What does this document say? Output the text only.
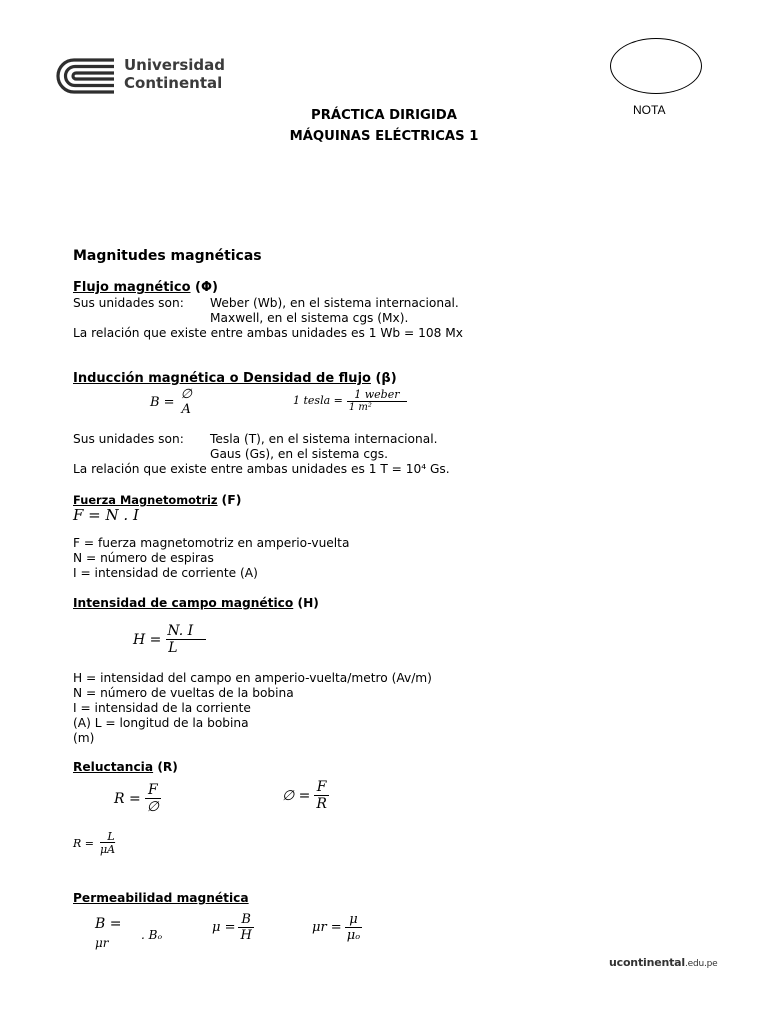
Universidad
Continental
NOTA
PRÁCTICA DIRIGIDA
MÁQUINAS ELÉCTRICAS 1
Magnitudes magnéticas
Flujo magnético (Φ)
Sus unidades son: Weber (Wb), en el sistema internacional.
Maxwell, en el sistema cgs (Mx).
La relación que existe entre ambas unidades es 1 Wb = 108 Mx
Inducción magnética o Densidad de flujo (β)
B = ∅
A
1 tesla = $\frac{\text{1 weber}}{\text{1 m²}}$
Sus unidades son: Tesla (T), en el sistema internacional.
Gaus (Gs), en el sistema cgs.
La relación que existe entre ambas unidades es 1 T = 10⁴ Gs.
Fuerza Magnetomotriz (F)
F = N . I
F = fuerza magnetomotriz en amperio-vuelta
N = número de espiras
I = intensidad de corriente (A)
Intensidad de campo magnético (H)
$H = \frac{N. I}{L}$
H = intensidad del campo en amperio-vuelta/metro (Av/m)
N = número de vueltas de la bobina
I = intensidad de la corriente
(A) L = longitud de la bobina
(m)
Reluctancia (R)
$R = \frac{F}{\emptyset}$	∅ = $\frac{F}{R}$
$R = \frac{L}{\mu A}$
Permeabilidad magnética
B =
μr
. Bₒ	$\mu = \frac{B}{H}$	$\mu r = \frac{\mu}{\text{μₒ}}$
ucontinental.edu.pe
